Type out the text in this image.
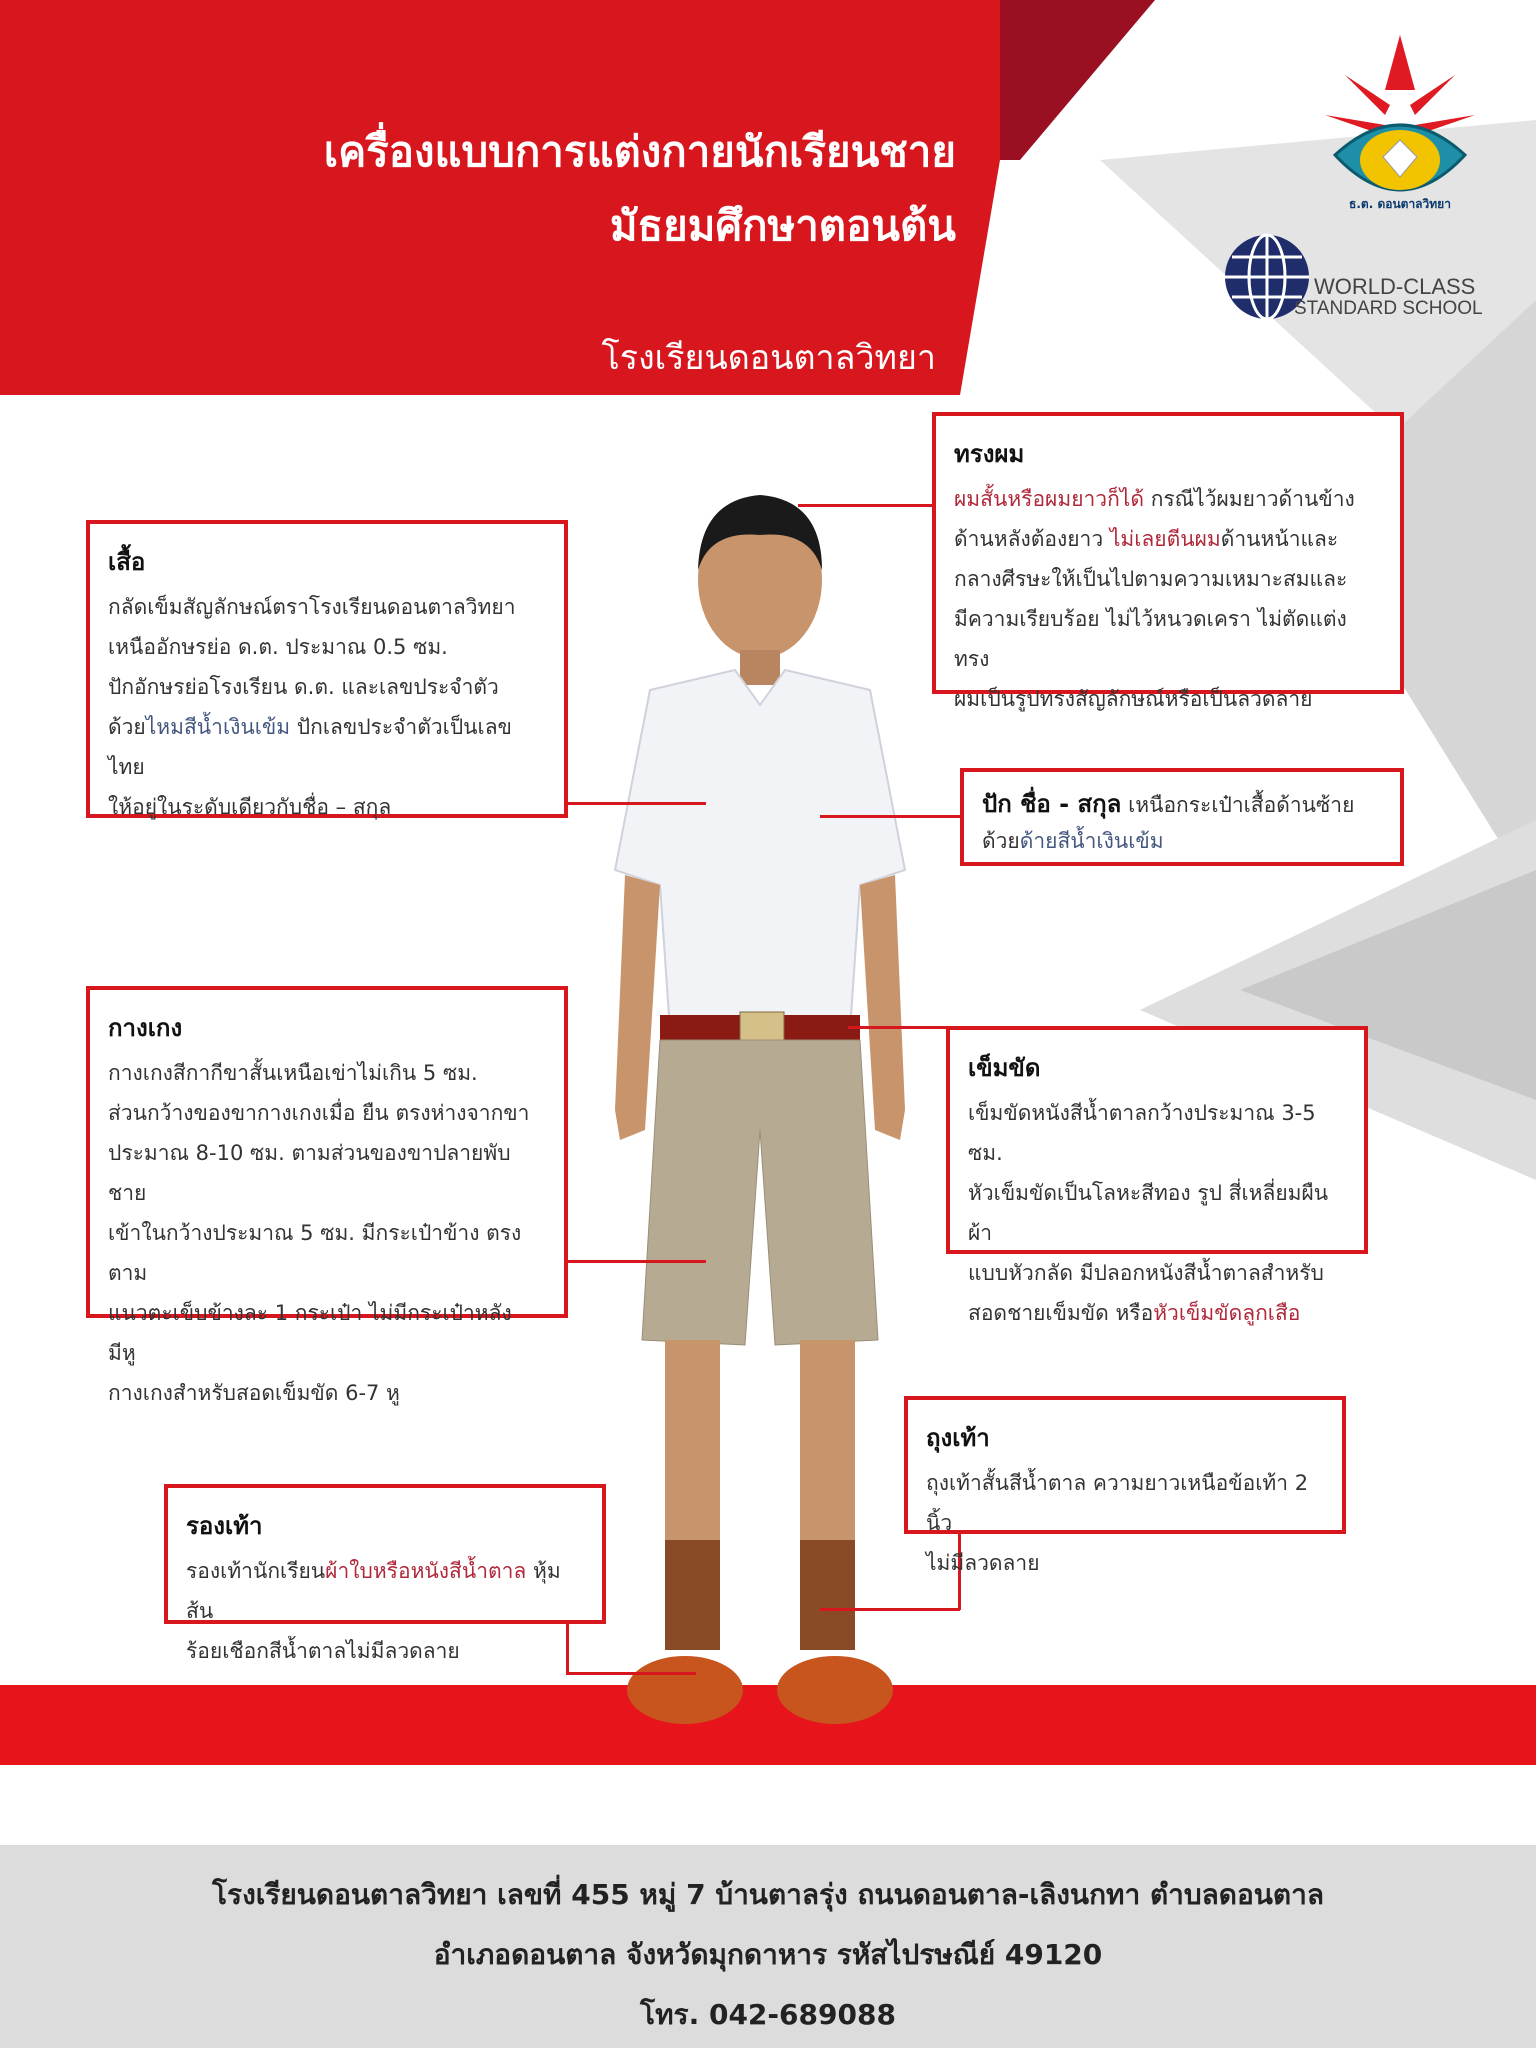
เครื่องแบบการแต่งกายนักเรียนชาย
มัธยมศึกษาตอนต้น
โรงเรียนดอนตาลวิทยา
ธ.ต. ดอนตาลวิทยา
WORLD-CLASS
STANDARD SCHOOL
ทรงผม

ผมสั้นหรือผมยาวก็ได้ กรณีไว้ผมยาวด้านข้าง

ด้านหลังต้องยาว ไม่เลยตีนผมด้านหน้าและ

กลางศีรษะให้เป็นไปตามความเหมาะสมและ

มีความเรียบร้อย ไม่ไว้หนวดเครา ไม่ตัดแต่งทรง

ผมเป็นรูปทรงสัญลักษณ์หรือเป็นลวดลาย

เสื้อ

กลัดเข็มสัญลักษณ์ตราโรงเรียนดอนตาลวิทยา

เหนืออักษรย่อ ด.ต. ประมาณ 0.5 ซม.

ปักอักษรย่อโรงเรียน ด.ต. และเลขประจำตัว

ด้วยไหมสีน้ำเงินเข้ม ปักเลขประจำตัวเป็นเลขไทย

ให้อยู่ในระดับเดียวกับชื่อ – สกุล	ปัก ชื่อ - สกุล เหนือกระเป๋าเสื้อด้านซ้าย

ด้วยด้ายสีน้ำเงินเข้ม

กางเกง

กางเกงสีกากีขาสั้นเหนือเข่าไม่เกิน 5 ซม.

ส่วนกว้างของขากางเกงเมื่อ ยืน ตรงห่างจากขา

ประมาณ 8-10 ซม. ตามส่วนของขาปลายพับชาย

เข้าในกว้างประมาณ 5 ซม. มีกระเป๋าข้าง ตรงตาม

แนวตะเข็บข้างละ 1 กระเป๋า ไม่มีกระเป๋าหลัง มีหู

กางเกงสำหรับสอดเข็มขัด 6-7 หู

เข็มขัด

เข็มขัดหนังสีน้ำตาลกว้างประมาณ 3-5 ซม.

หัวเข็มขัดเป็นโลหะสีทอง รูป สี่เหลี่ยมผืนผ้า

แบบหัวกลัด มีปลอกหนังสีน้ำตาลสำหรับ

สอดชายเข็มขัด หรือหัวเข็มขัดลูกเสือ

ถุงเท้า

ถุงเท้าสั้นสีน้ำตาล ความยาวเหนือข้อเท้า 2 นิ้ว

ไม่มีลวดลาย

รองเท้า

รองเท้านักเรียนผ้าใบหรือหนังสีน้ำตาล หุ้มส้น

ร้อยเชือกสีน้ำตาลไม่มีลวดลาย

โรงเรียนดอนตาลวิทยา เลขที่ 455 หมู่ 7 บ้านตาลรุ่ง ถนนดอนตาล-เลิงนกทา ตำบลดอนตาล
อำเภอดอนตาล จังหวัดมุกดาหาร รหัสไปรษณีย์ 49120
โทร. 042-689088
